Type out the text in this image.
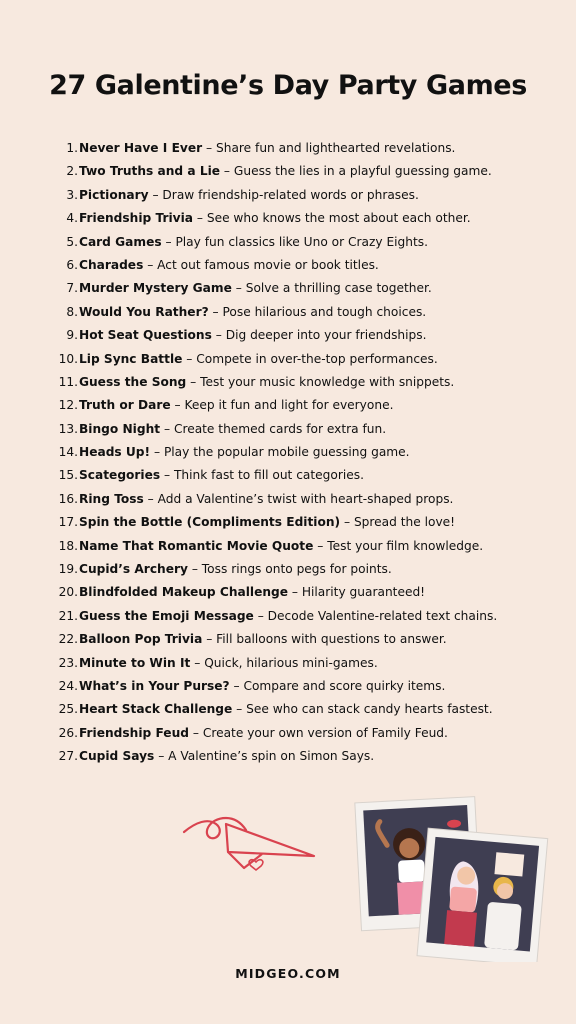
27 Galentine’s Day Party Games
1. Never Have I Ever – Share fun and lighthearted revelations.
2. Two Truths and a Lie – Guess the lies in a playful guessing game.
3. Pictionary – Draw friendship-related words or phrases.
4. Friendship Trivia – See who knows the most about each other.
5. Card Games – Play fun classics like Uno or Crazy Eights.
6. Charades – Act out famous movie or book titles.
7. Murder Mystery Game – Solve a thrilling case together.
8. Would You Rather? – Pose hilarious and tough choices.
9. Hot Seat Questions – Dig deeper into your friendships.
10. Lip Sync Battle – Compete in over-the-top performances.
11. Guess the Song – Test your music knowledge with snippets.
12. Truth or Dare – Keep it fun and light for everyone.
13. Bingo Night – Create themed cards for extra fun.
14. Heads Up! – Play the popular mobile guessing game.
15. Scategories – Think fast to fill out categories.
16. Ring Toss – Add a Valentine’s twist with heart-shaped props.
17. Spin the Bottle (Compliments Edition) – Spread the love!
18. Name That Romantic Movie Quote – Test your film knowledge.
19. Cupid’s Archery – Toss rings onto pegs for points.
20. Blindfolded Makeup Challenge – Hilarity guaranteed!
21. Guess the Emoji Message – Decode Valentine-related text chains.
22. Balloon Pop Trivia – Fill balloons with questions to answer.
23. Minute to Win It – Quick, hilarious mini-games.
24. What’s in Your Purse? – Compare and score quirky items.
25. Heart Stack Challenge – See who can stack candy hearts fastest.
26. Friendship Feud – Create your own version of Family Feud.
27. Cupid Says – A Valentine’s spin on Simon Says.
MIDGEO.COM
